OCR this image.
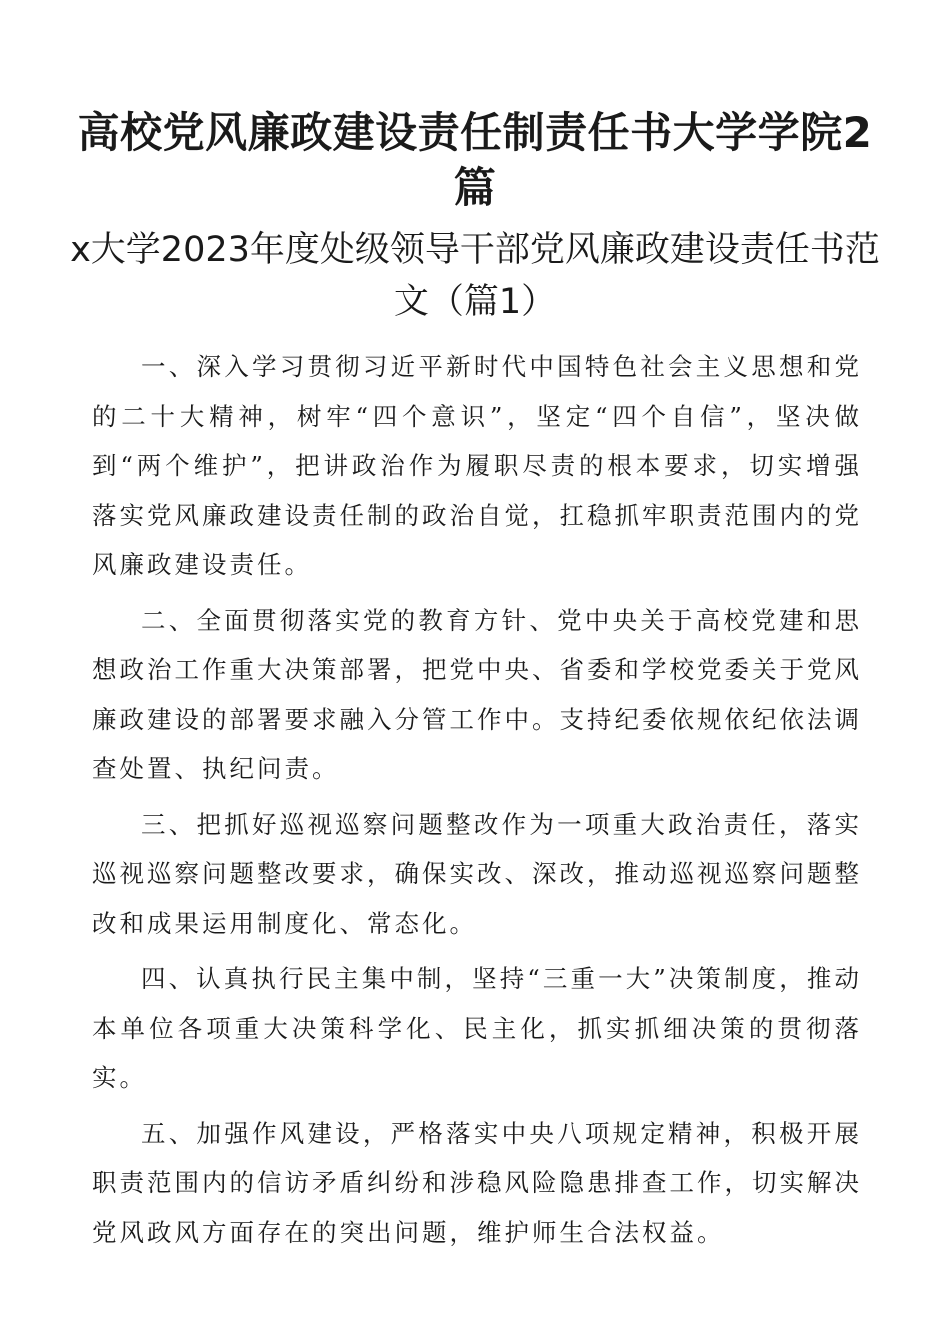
高校党风廉政建设责任制责任书大学学院2篇
x大学2023年度处级领导干部党风廉政建设责任书范文（篇1）

一、深入学习贯彻习近平新时代中国特色社会主义思想和党的二十大精神，树牢“四个意识”，坚定“四个自信”，坚决做到“两个维护”，把讲政治作为履职尽责的根本要求，切实增强落实党风廉政建设责任制的政治自觉，扛稳抓牢职责范围内的党风廉政建设责任。

二、全面贯彻落实党的教育方针、党中央关于高校党建和思想政治工作重大决策部署，把党中央、省委和学校党委关于党风廉政建设的部署要求融入分管工作中。支持纪委依规依纪依法调查处置、执纪问责。

三、把抓好巡视巡察问题整改作为一项重大政治责任，落实巡视巡察问题整改要求，确保实改、深改，推动巡视巡察问题整改和成果运用制度化、常态化。

四、认真执行民主集中制，坚持“三重一大”决策制度，推动本单位各项重大决策科学化、民主化，抓实抓细决策的贯彻落实。

五、加强作风建设，严格落实中央八项规定精神，积极开展职责范围内的信访矛盾纠纷和涉稳风险隐患排查工作，切实解决党风政风方面存在的突出问题，维护师生合法权益。
